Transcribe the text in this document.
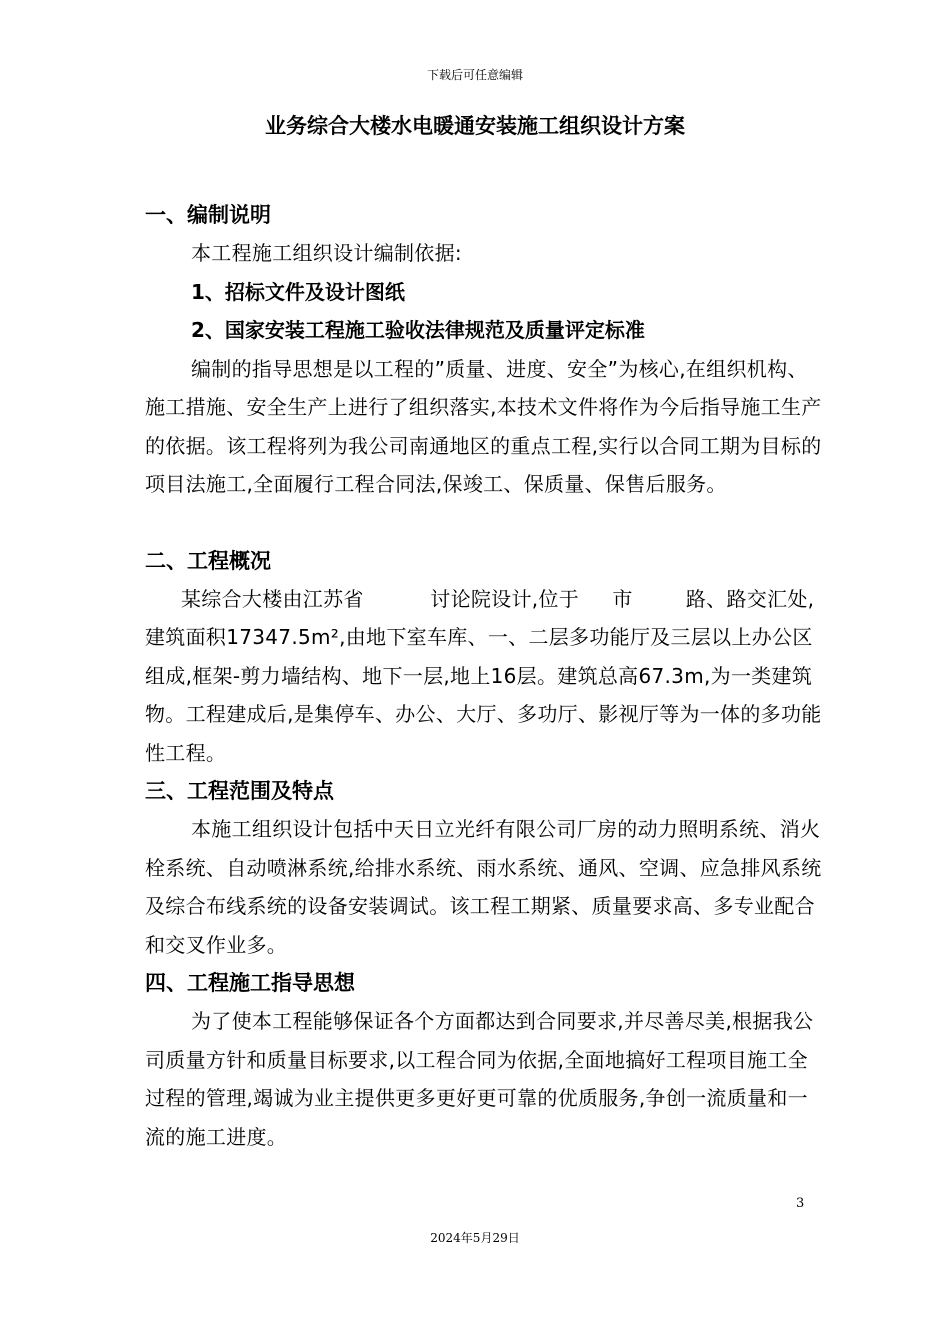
下载后可任意编辑
业务综合大楼水电暖通安装施工组织设计方案
一、编制说明

本工程施工组织设计编制依据:

1、招标文件及设计图纸
2、国家安装工程施工验收法律规范及质量评定标准

编制的指导思想是以工程的”质量、进度、安全”为核心,在组织机构、施工措施、安全生产上进行了组织落实,本技术文件将作为今后指导施工生产的依据。该工程将列为我公司南通地区的重点工程,实行以合同工期为目标的项目法施工,全面履行工程合同法,保竣工、保质量、保售后服务。

二、工程概况

某综合大楼由江苏省          讨论院设计,位于     市        路、路交汇处,建筑面积17347.5m²,由地下室车库、一、二层多功能厅及三层以上办公区组成,框架-剪力墙结构、地下一层,地上16层。建筑总高67.3m,为一类建筑物。工程建成后,是集停车、办公、大厅、多功厅、影视厅等为一体的多功能性工程。

三、工程范围及特点

本施工组织设计包括中天日立光纤有限公司厂房的动力照明系统、消火栓系统、自动喷淋系统,给排水系统、雨水系统、通风、空调、应急排风系统及综合布线系统的设备安装调试。该工程工期紧、质量要求高、多专业配合和交叉作业多。

四、工程施工指导思想

为了使本工程能够保证各个方面都达到合同要求,并尽善尽美,根据我公司质量方针和质量目标要求,以工程合同为依据,全面地搞好工程项目施工全过程的管理,竭诚为业主提供更多更好更可靠的优质服务,争创一流质量和一流的施工进度。

3
2024年5月29日
